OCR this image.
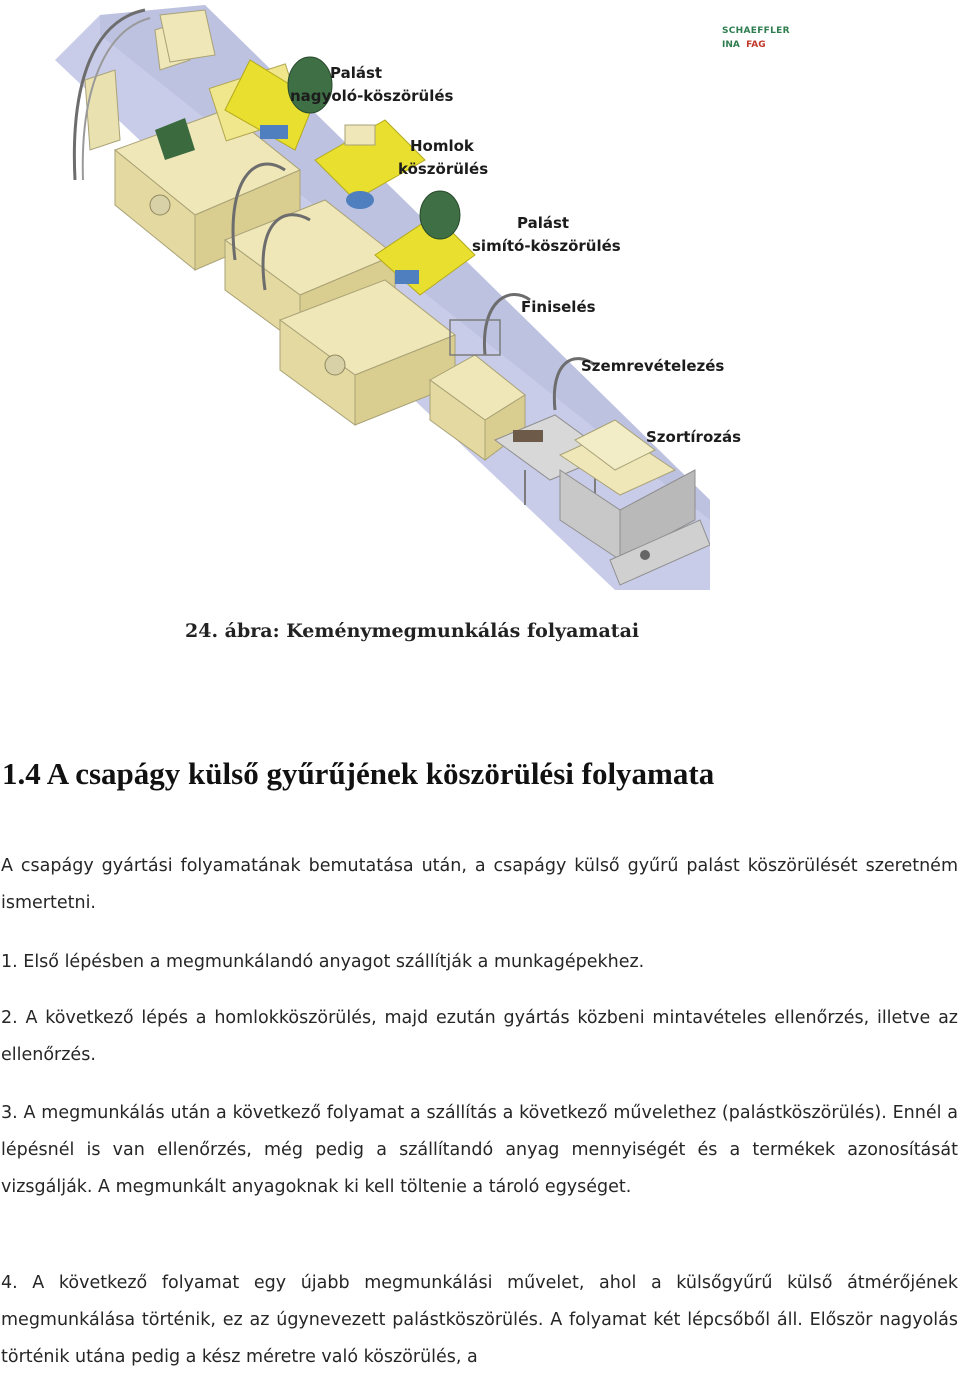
Palást
nagyoló-köszörülés
Homlok
köszörülés
Palást
simító-köszörülés
Finiselés
Szemrevételezés
Szortírozás
SCHAEFFLER
INA FAG
24. ábra: Keménymegmunkálás folyamatai
1.4 A csapágy külső gyűrűjének köszörülési folyamata

A csapágy gyártási folyamatának bemutatása után, a csapágy külső gyűrű palást köszörülését szeretném ismertetni.

1. Első lépésben a megmunkálandó anyagot szállítják a munkagépekhez.

2. A következő lépés a homlokköszörülés, majd ezután gyártás közbeni mintavételes ellenőrzés, illetve az ellenőrzés.

3. A megmunkálás után a következő folyamat a szállítás a következő művelethez (palástköszörülés). Ennél a lépésnél is van ellenőrzés, még pedig a szállítandó anyag mennyiségét és a termékek azonosítását vizsgálják. A megmunkált anyagoknak ki kell töltenie a tároló egységet.

4. A következő folyamat egy újabb megmunkálási művelet, ahol a külsőgyűrű külső átmérőjének megmunkálása történik, ez az úgynevezett palástköszörülés. A folyamat két lépcsőből áll. Először nagyolás történik utána pedig a kész méretre való köszörülés, a
